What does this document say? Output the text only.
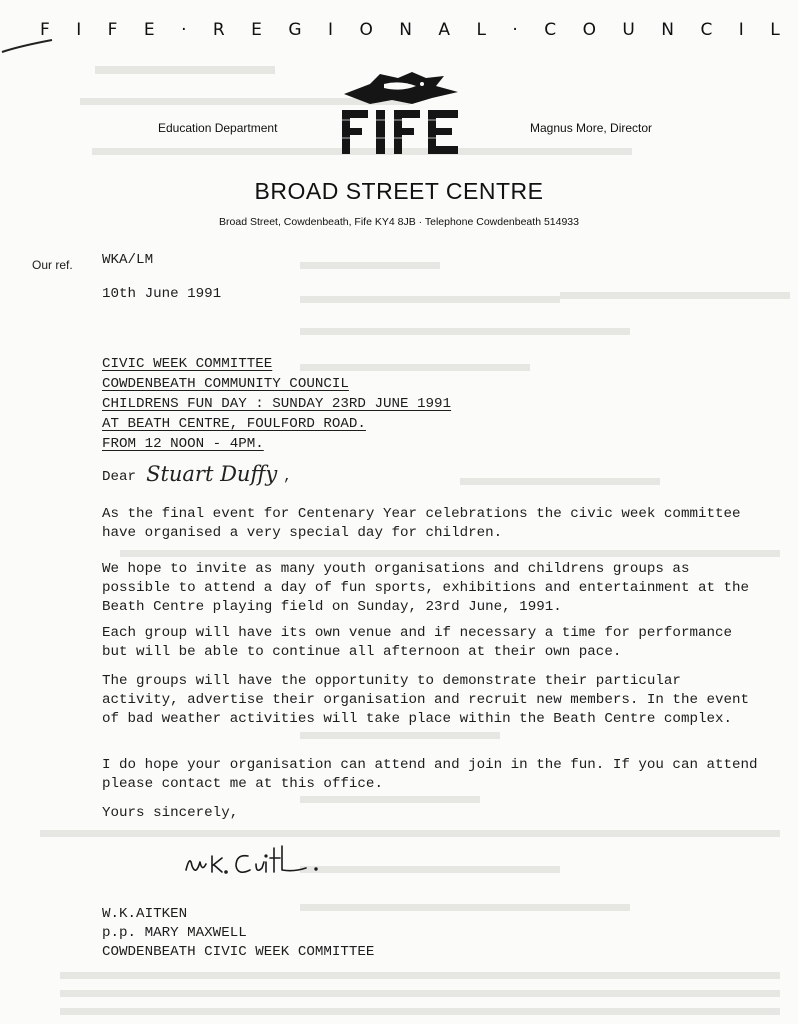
F I F E · R E G I O N A L · C O U N C I L
Education Department	Magnus More, Director
BROAD STREET CENTRE
Broad Street, Cowdenbeath, Fife KY4 8JB · Telephone Cowdenbeath 514933
Our ref. WKA/LM
10th June 1991
CIVIC WEEK COMMITTEE
COWDENBEATH COMMUNITY COUNCIL
CHILDRENS FUN DAY : SUNDAY 23RD JUNE 1991
AT BEATH CENTRE, FOULFORD ROAD.
FROM 12 NOON - 4PM.
Dear Stuart Duffy ,

As the final event for Centenary Year celebrations the civic week committee have organised a very special day for children.

We hope to invite as many youth organisations and childrens groups as possible to attend a day of fun sports, exhibitions and entertainment at the Beath Centre playing field on Sunday, 23rd June, 1991.

Each group will have its own venue and if necessary a time for performance but will be able to continue all afternoon at their own pace.

The groups will have the opportunity to demonstrate their particular activity, advertise their organisation and recruit new members. In the event of bad weather activities will take place within the Beath Centre complex.

I do hope your organisation can attend and join in the fun. If you can attend please contact me at this office.

Yours sincerely,
W.K.AITKEN
p.p. MARY MAXWELL
COWDENBEATH CIVIC WEEK COMMITTEE
